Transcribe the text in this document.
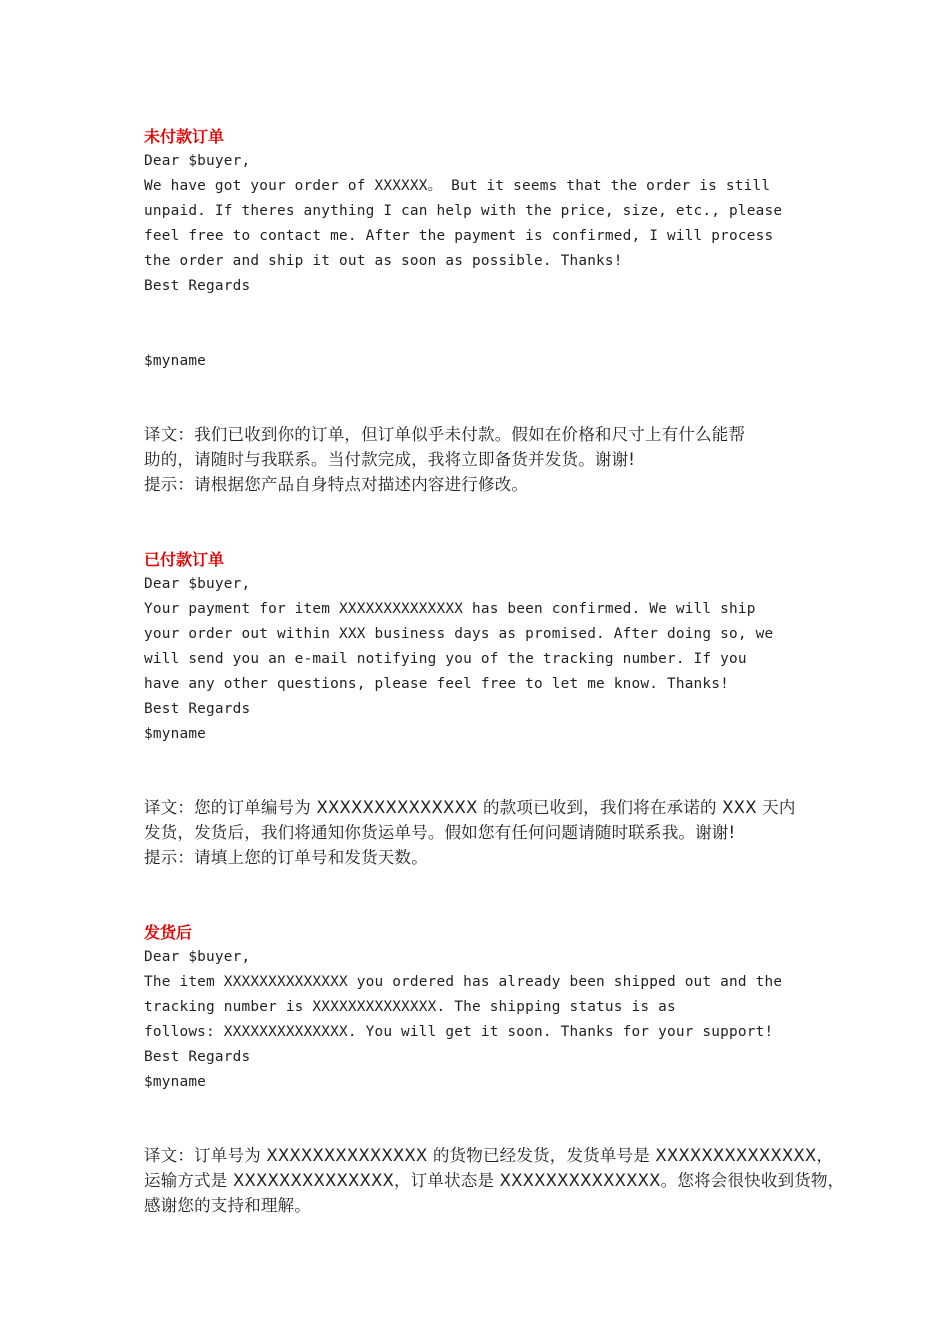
未付款订单
Dear $buyer,
We have got your order of XXXXXX。 But it seems that the order is still
unpaid. If theres anything I can help with the price, size, etc., please
feel free to contact me. After the payment is confirmed, I will process
the order and ship it out as soon as possible. Thanks!
Best Regards
$myname
译文：我们已收到你的订单，但订单似乎未付款。假如在价格和尺寸上有什么能帮
助的，请随时与我联系。当付款完成，我将立即备货并发货。谢谢!
提示：请根据您产品自身特点对描述内容进行修改。
已付款订单
Dear $buyer,
Your payment for item XXXXXXXXXXXXXX has been confirmed. We will ship
your order out within XXX business days as promised. After doing so, we
will send you an e-mail notifying you of the tracking number. If you
have any other questions, please feel free to let me know. Thanks!
Best Regards
$myname
译文：您的订单编号为 XXXXXXXXXXXXXX 的款项已收到，我们将在承诺的 XXX 天内
发货，发货后，我们将通知你货运单号。假如您有任何问题请随时联系我。谢谢!
提示：请填上您的订单号和发货天数。
发货后
Dear $buyer,
The item XXXXXXXXXXXXXX you ordered has already been shipped out and the
tracking number is XXXXXXXXXXXXXX. The shipping status is as
follows: XXXXXXXXXXXXXX. You will get it soon. Thanks for your support!
Best Regards
$myname
译文：订单号为 XXXXXXXXXXXXXX 的货物已经发货，发货单号是 XXXXXXXXXXXXXX，
运输方式是 XXXXXXXXXXXXXX，订单状态是 XXXXXXXXXXXXXX。您将会很快收到货物，
感谢您的支持和理解。
